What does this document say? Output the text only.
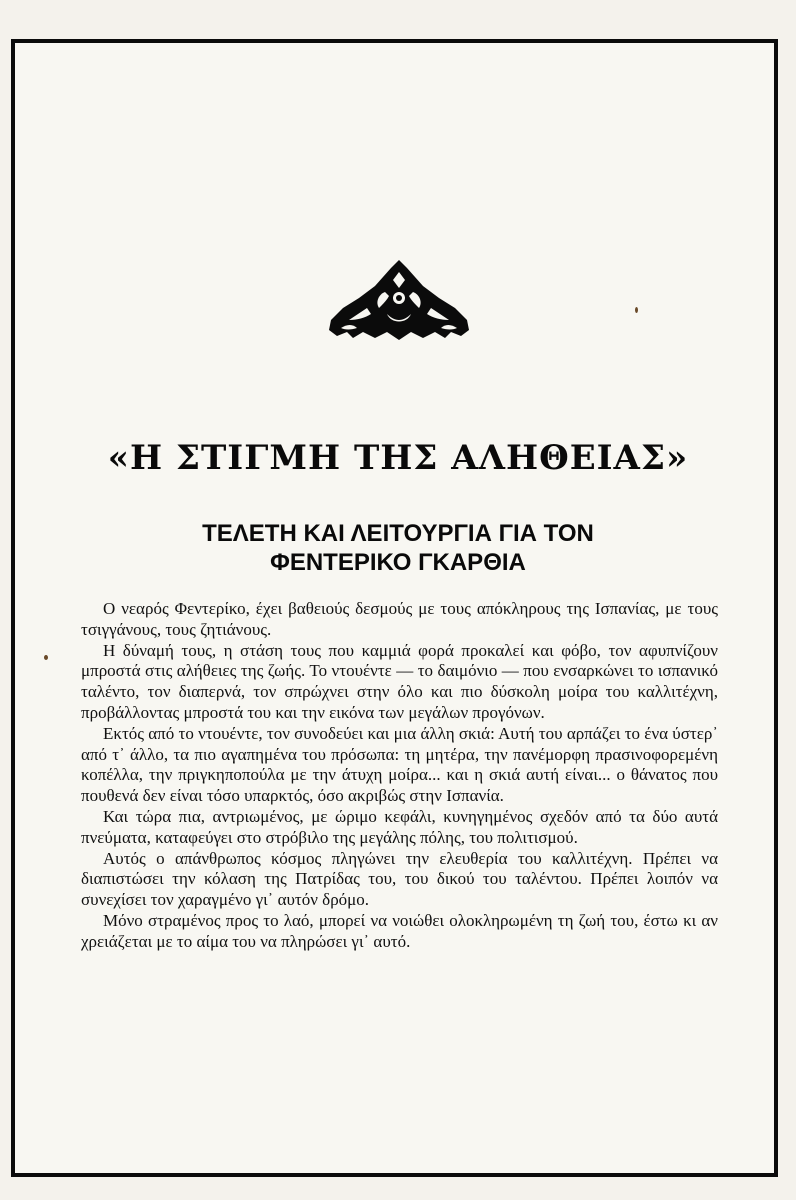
«Η ΣΤΙΓΜΗ ΤΗΣ ΑΛΗΘΕΙΑΣ»
ΤΕΛΕΤΗ ΚΑΙ ΛΕΙΤΟΥΡΓΙΑ ΓΙΑ ΤΟΝ
ΦΕΝΤΕΡΙΚΟ ΓΚΑΡΘΙΑ

Ο νεαρός Φεντερίκο, έχει βαθειούς δεσμούς με τους απόκληρους της Ισπανίας, με τους τσιγγάνους, τους ζητιάνους.

Η δύναμή τους, η στάση τους που καμμιά φορά προκαλεί και φόβο, τον αφυπνίζουν μπροστά στις αλήθειες της ζωής. Το ντουέντε — το δαιμόνιο — που ενσαρκώνει το ισπανικό ταλέντο, τον διαπερνά, τον σπρώχνει στην όλο και πιο δύσκολη μοίρα του καλλιτέχνη, προβάλλοντας μπροστά του και την εικόνα των μεγάλων προγόνων.

Εκτός από το ντουέντε, τον συνοδεύει και μια άλλη σκιά: Αυτή του αρπάζει το ένα ύστερ᾽ από τ᾽ άλλο, τα πιο αγαπημένα του πρόσωπα: τη μητέρα, την πανέμορφη πρασινοφορεμένη κοπέλλα, την πριγκηποπούλα με την άτυχη μοίρα... και η σκιά αυτή είναι... ο θάνατος που πουθενά δεν είναι τόσο υπαρκτός, όσο ακριβώς στην Ισπανία.

Και τώρα πια, αντριωμένος, με ώριμο κεφάλι, κυνηγημένος σχεδόν από τα δύο αυτά πνεύματα, καταφεύγει στο στρόβιλο της μεγάλης πόλης, του πολιτισμού.

Αυτός ο απάνθρωπος κόσμος πληγώνει την ελευθερία του καλλιτέχνη. Πρέπει να διαπιστώσει την κόλαση της Πατρίδας του, του δικού του ταλέντου. Πρέπει λοιπόν να συνεχίσει τον χαραγμένο γι᾽ αυτόν δρόμο.

Μόνο στραμένος προς το λαό, μπορεί να νοιώθει ολοκληρωμένη τη ζωή του, έστω κι αν χρειάζεται με το αίμα του να πληρώσει γι᾽ αυτό.
